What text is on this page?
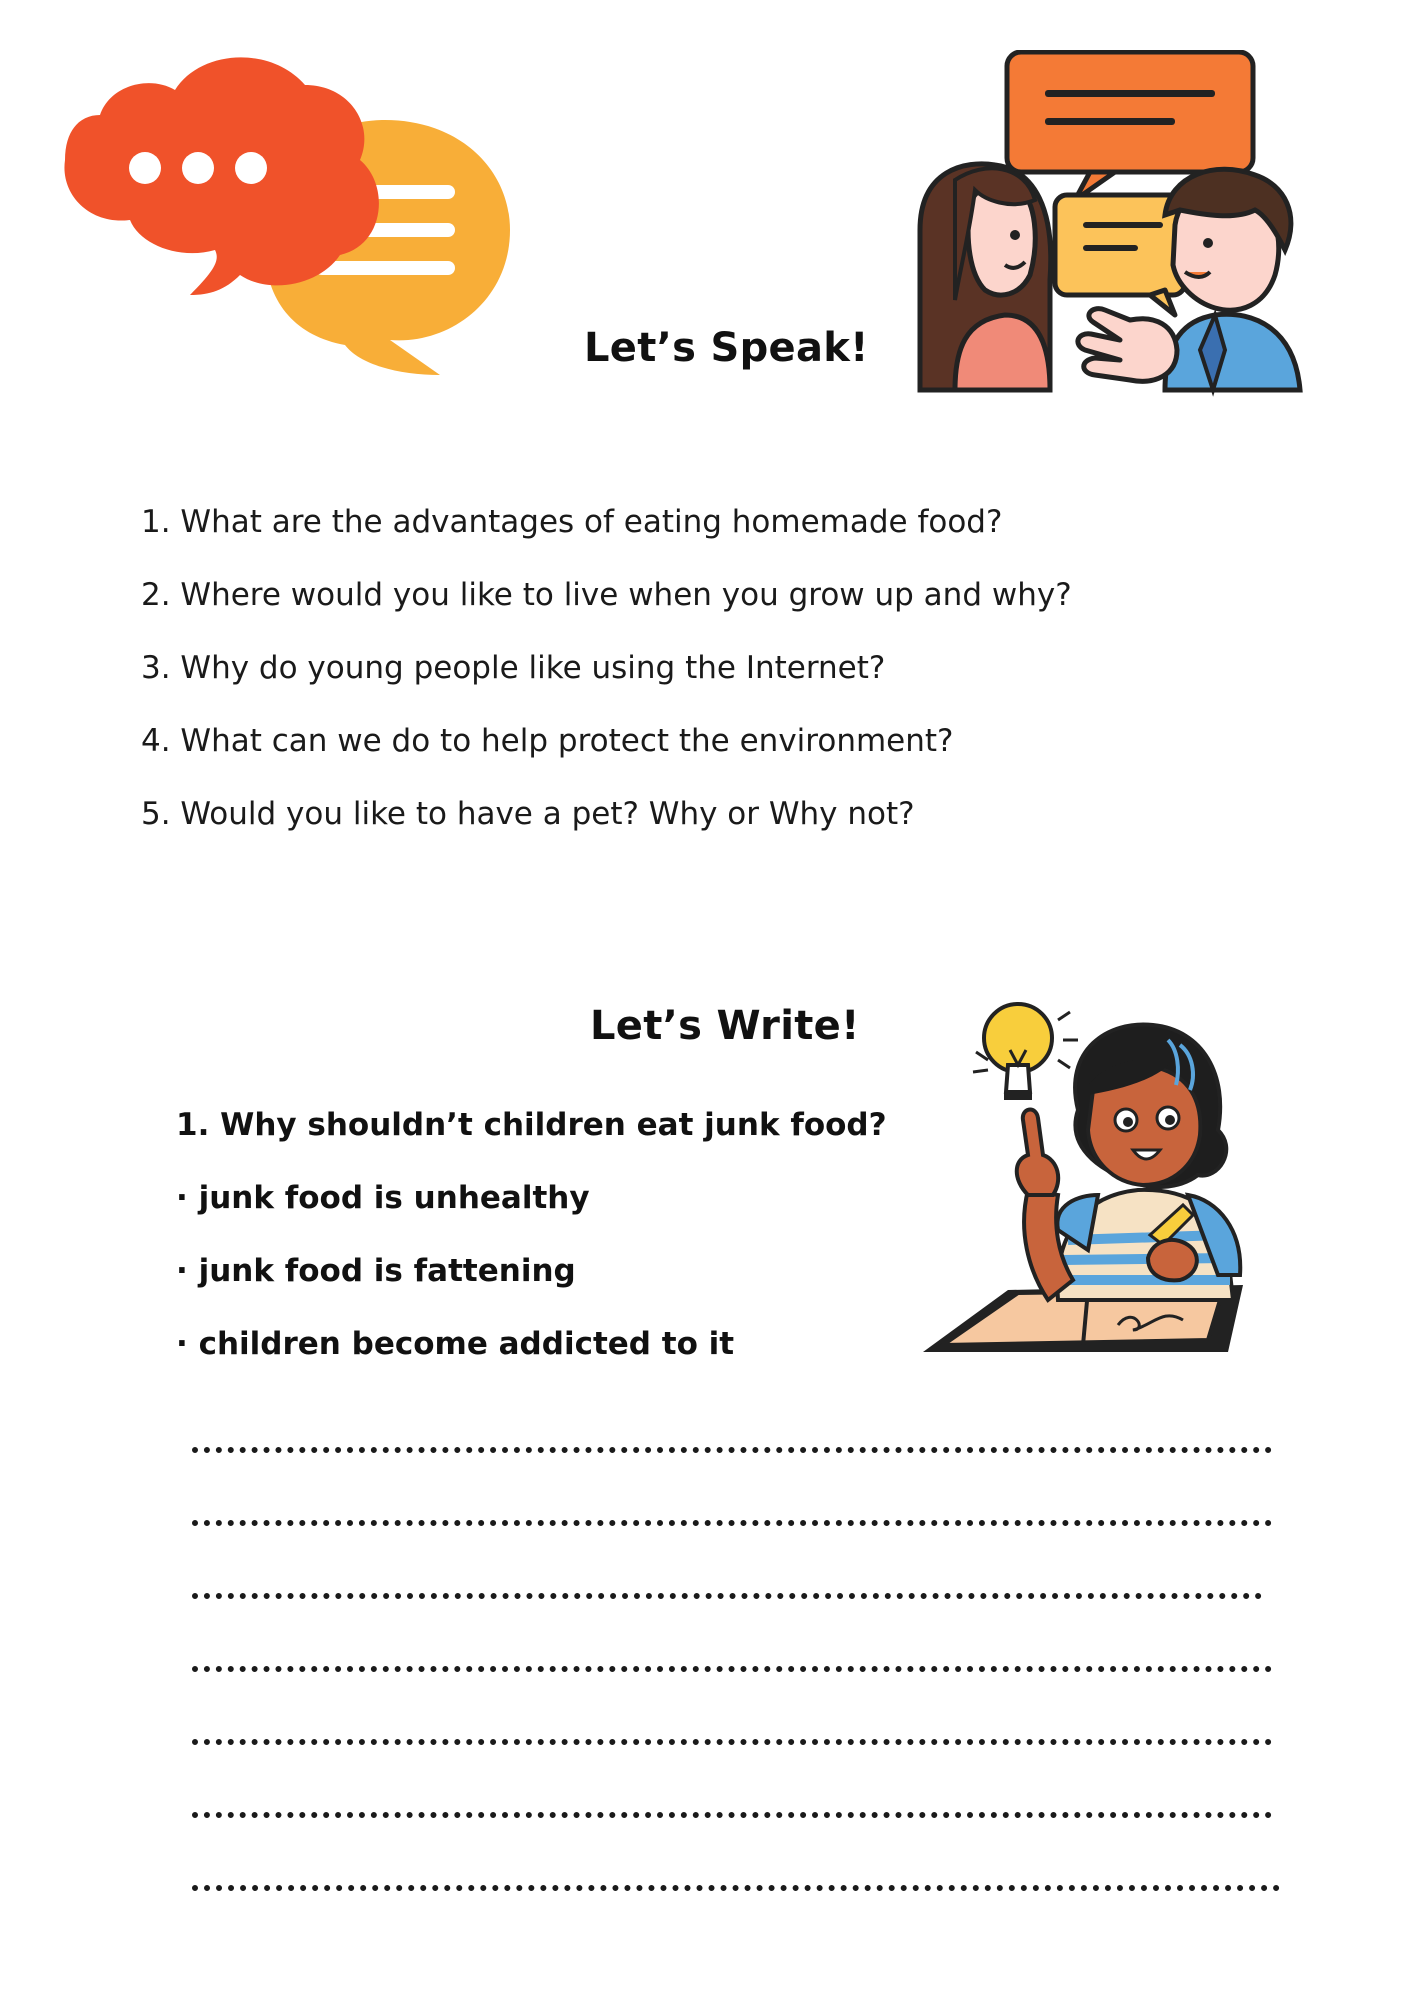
Let’s Speak!
1. What are the advantages of eating homemade food?
2. Where would you like to live when you grow up and why?
3. Why do young people like using the Internet?
4. What can we do to help protect the environment?
5. Would you like to have a pet? Why or Why not?
Let’s Write!
1. Why shouldn’t children eat junk food?
· junk food is unhealthy
· junk food is fattening
· children become addicted to it
